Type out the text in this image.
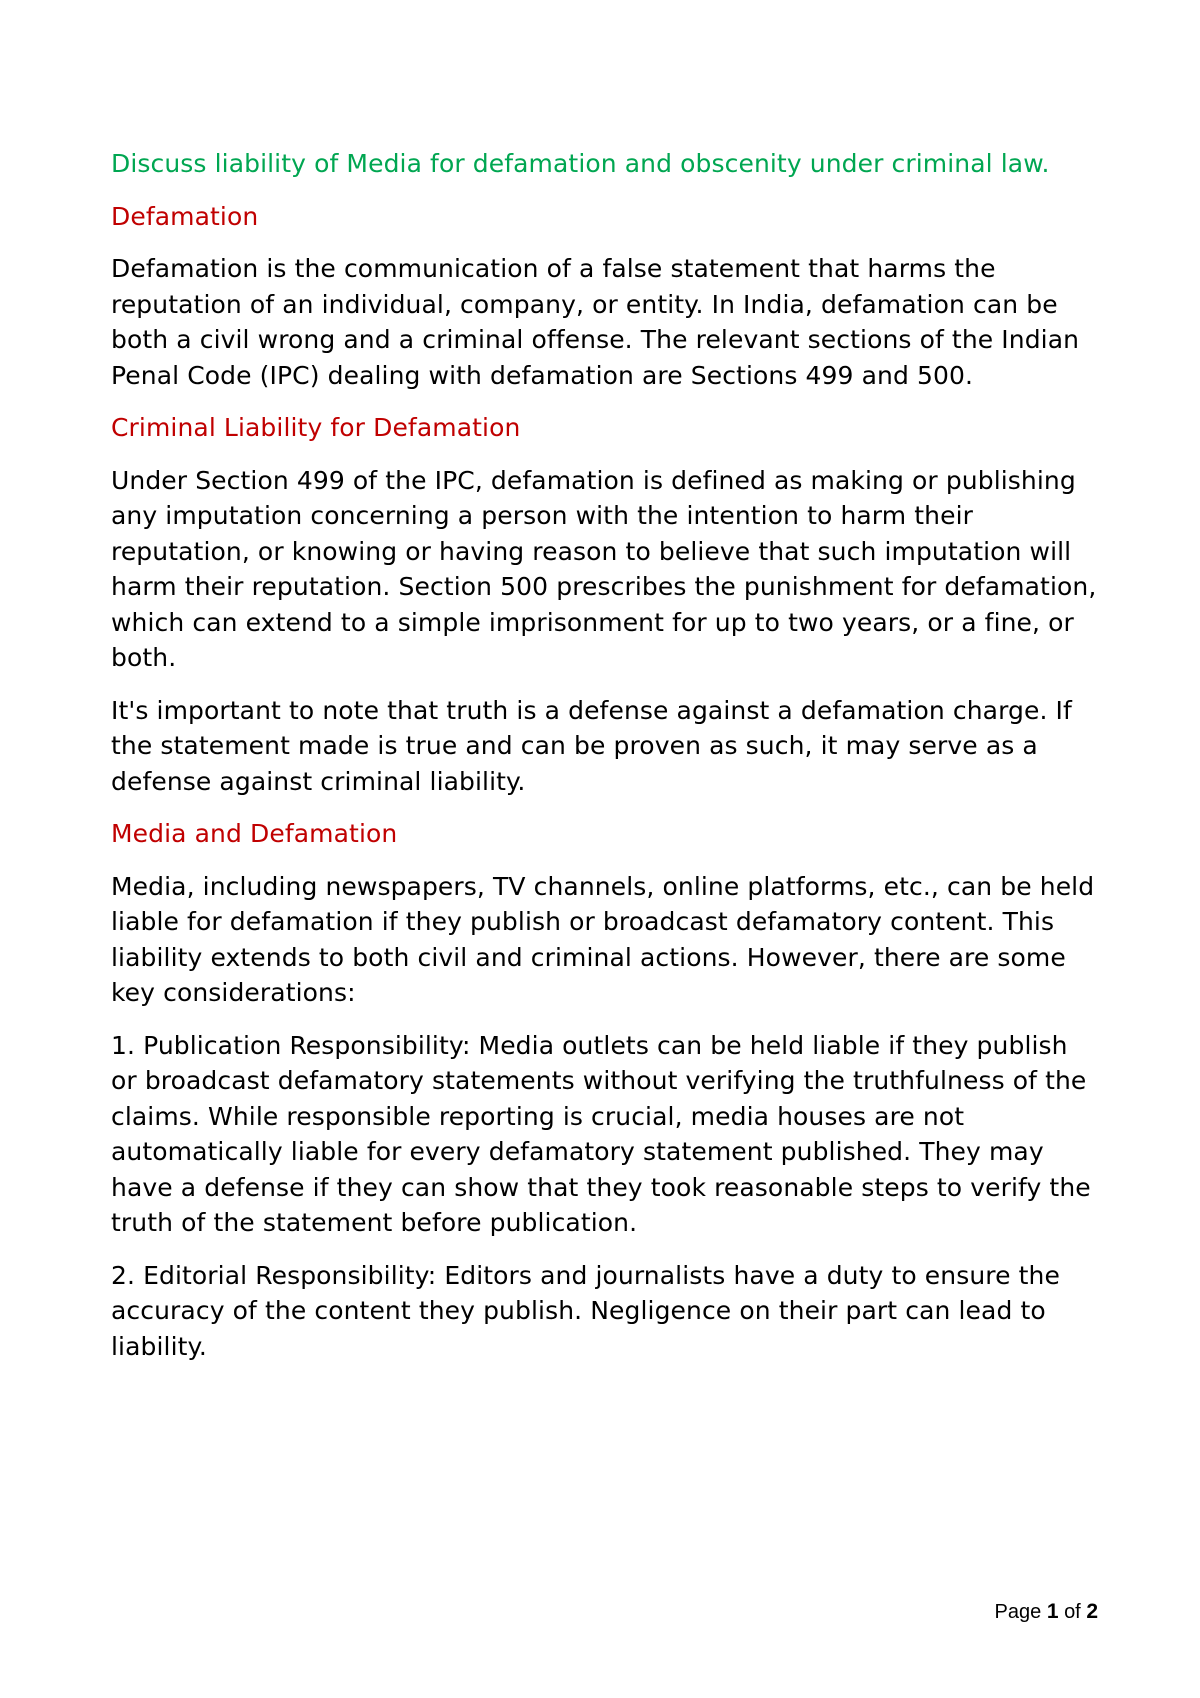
Discuss liability of Media for defamation and obscenity under criminal law.

Defamation

Defamation is the communication of a false statement that harms the reputation of an individual, company, or entity. In India, defamation can be both a civil wrong and a criminal offense. The relevant sections of the Indian Penal Code (IPC) dealing with defamation are Sections 499 and 500.

Criminal Liability for Defamation

Under Section 499 of the IPC, defamation is defined as making or publishing any imputation concerning a person with the intention to harm their reputation, or knowing or having reason to believe that such imputation will harm their reputation. Section 500 prescribes the punishment for defamation, which can extend to a simple imprisonment for up to two years, or a fine, or both.

It's important to note that truth is a defense against a defamation charge. If the statement made is true and can be proven as such, it may serve as a defense against criminal liability.

Media and Defamation

Media, including newspapers, TV channels, online platforms, etc., can be held liable for defamation if they publish or broadcast defamatory content. This liability extends to both civil and criminal actions. However, there are some key considerations:

1. Publication Responsibility: Media outlets can be held liable if they publish or broadcast defamatory statements without verifying the truthfulness of the claims. While responsible reporting is crucial, media houses are not automatically liable for every defamatory statement published. They may have a defense if they can show that they took reasonable steps to verify the truth of the statement before publication.

2. Editorial Responsibility: Editors and journalists have a duty to ensure the accuracy of the content they publish. Negligence on their part can lead to liability.

Page 1 of 2
